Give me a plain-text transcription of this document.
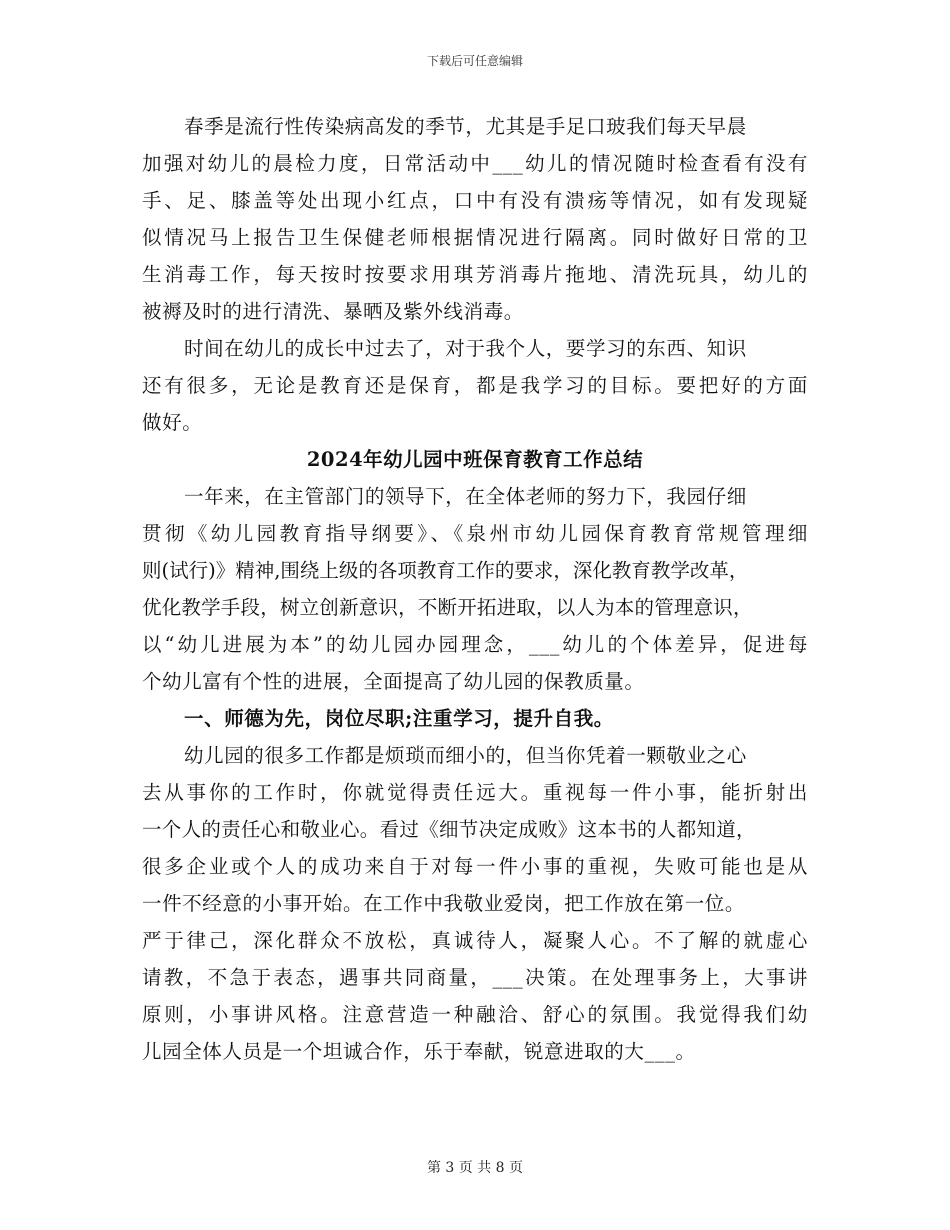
下载后可任意编辑
春季是流行性传染病高发的季节，尤其是手足口玻我们每天早晨
加强对幼儿的晨检力度，日常活动中___幼儿的情况随时检查看有没有
手、足、膝盖等处出现小红点，口中有没有溃疡等情况，如有发现疑
似情况马上报告卫生保健老师根据情况进行隔离。同时做好日常的卫
生消毒工作，每天按时按要求用琪芳消毒片拖地、清洗玩具，幼儿的
被褥及时的进行清洗、暴晒及紫外线消毒。
时间在幼儿的成长中过去了，对于我个人，要学习的东西、知识
还有很多，无论是教育还是保育，都是我学习的目标。要把好的方面
做好。
2024年幼儿园中班保育教育工作总结
一年来，在主管部门的领导下，在全体老师的努力下，我园仔细
贯彻《幼儿园教育指导纲要》、《泉州市幼儿园保育教育常规管理细
则(试行)》精神,围绕上级的各项教育工作的要求，深化教育教学改革，
优化教学手段，树立创新意识，不断开拓进取，以人为本的管理意识，
以“幼儿进展为本”的幼儿园办园理念，___幼儿的个体差异，促进每
个幼儿富有个性的进展，全面提高了幼儿园的保教质量。
一、师德为先，岗位尽职;注重学习，提升自我。
幼儿园的很多工作都是烦琐而细小的，但当你凭着一颗敬业之心
去从事你的工作时，你就觉得责任远大。重视每一件小事，能折射出
一个人的责任心和敬业心。看过《细节决定成败》这本书的人都知道，
很多企业或个人的成功来自于对每一件小事的重视，失败可能也是从
一件不经意的小事开始。在工作中我敬业爱岗，把工作放在第一位。
严于律己，深化群众不放松，真诚待人，凝聚人心。不了解的就虚心
请教，不急于表态，遇事共同商量，___决策。在处理事务上，大事讲
原则，小事讲风格。注意营造一种融洽、舒心的氛围。我觉得我们幼
儿园全体人员是一个坦诚合作，乐于奉献，锐意进取的大___。
第 3 页 共 8 页
